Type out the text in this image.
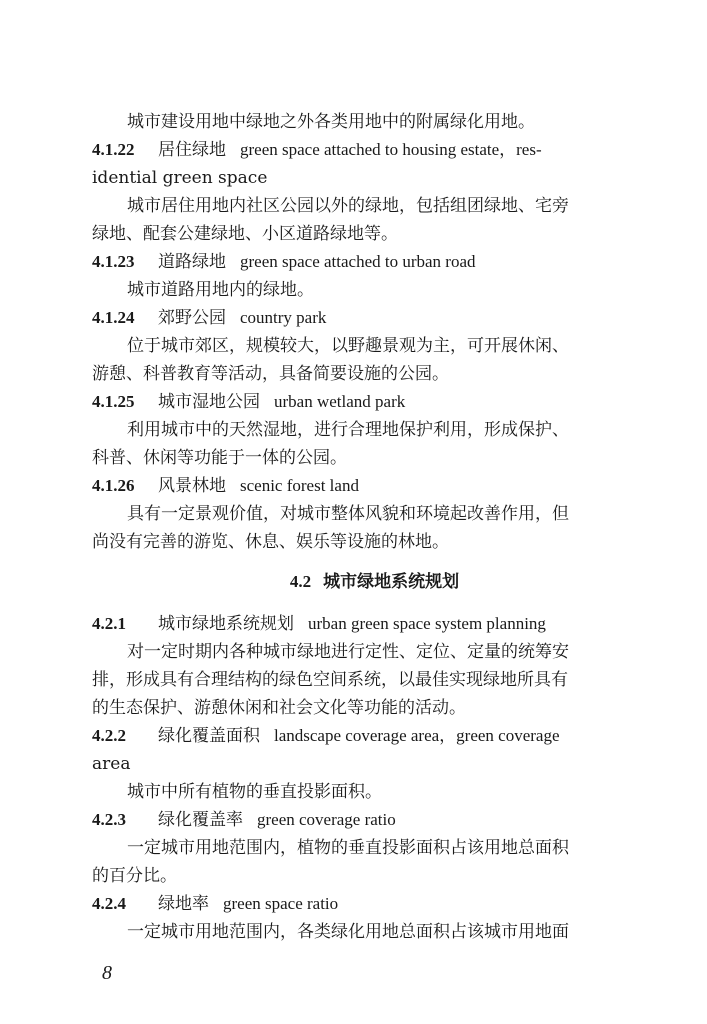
城市建设用地中绿地之外各类用地中的附属绿化用地。

4.1.22 居住绿地 green space attached to housing estate，res-

idential green space

城市居住用地内社区公园以外的绿地，包括组团绿地、宅旁

绿地、配套公建绿地、小区道路绿地等。

4.1.23 道路绿地 green space attached to urban road

城市道路用地内的绿地。

4.1.24 郊野公园 country park

位于城市郊区，规模较大，以野趣景观为主，可开展休闲、

游憩、科普教育等活动，具备简要设施的公园。

4.1.25 城市湿地公园 urban wetland park

利用城市中的天然湿地，进行合理地保护利用，形成保护、

科普、休闲等功能于一体的公园。

4.1.26 风景林地 scenic forest land

具有一定景观价值，对城市整体风貌和环境起改善作用，但

尚没有完善的游览、休息、娱乐等设施的林地。

4.2 城市绿地系统规划

4.2.1 城市绿地系统规划 urban green space system planning

对一定时期内各种城市绿地进行定性、定位、定量的统筹安

排，形成具有合理结构的绿色空间系统，以最佳实现绿地所具有

的生态保护、游憩休闲和社会文化等功能的活动。

4.2.2 绿化覆盖面积 landscape coverage area，green coverage

area

城市中所有植物的垂直投影面积。

4.2.3 绿化覆盖率 green coverage ratio

一定城市用地范围内，植物的垂直投影面积占该用地总面积

的百分比。

4.2.4 绿地率 green space ratio

一定城市用地范围内，各类绿化用地总面积占该城市用地面

8
